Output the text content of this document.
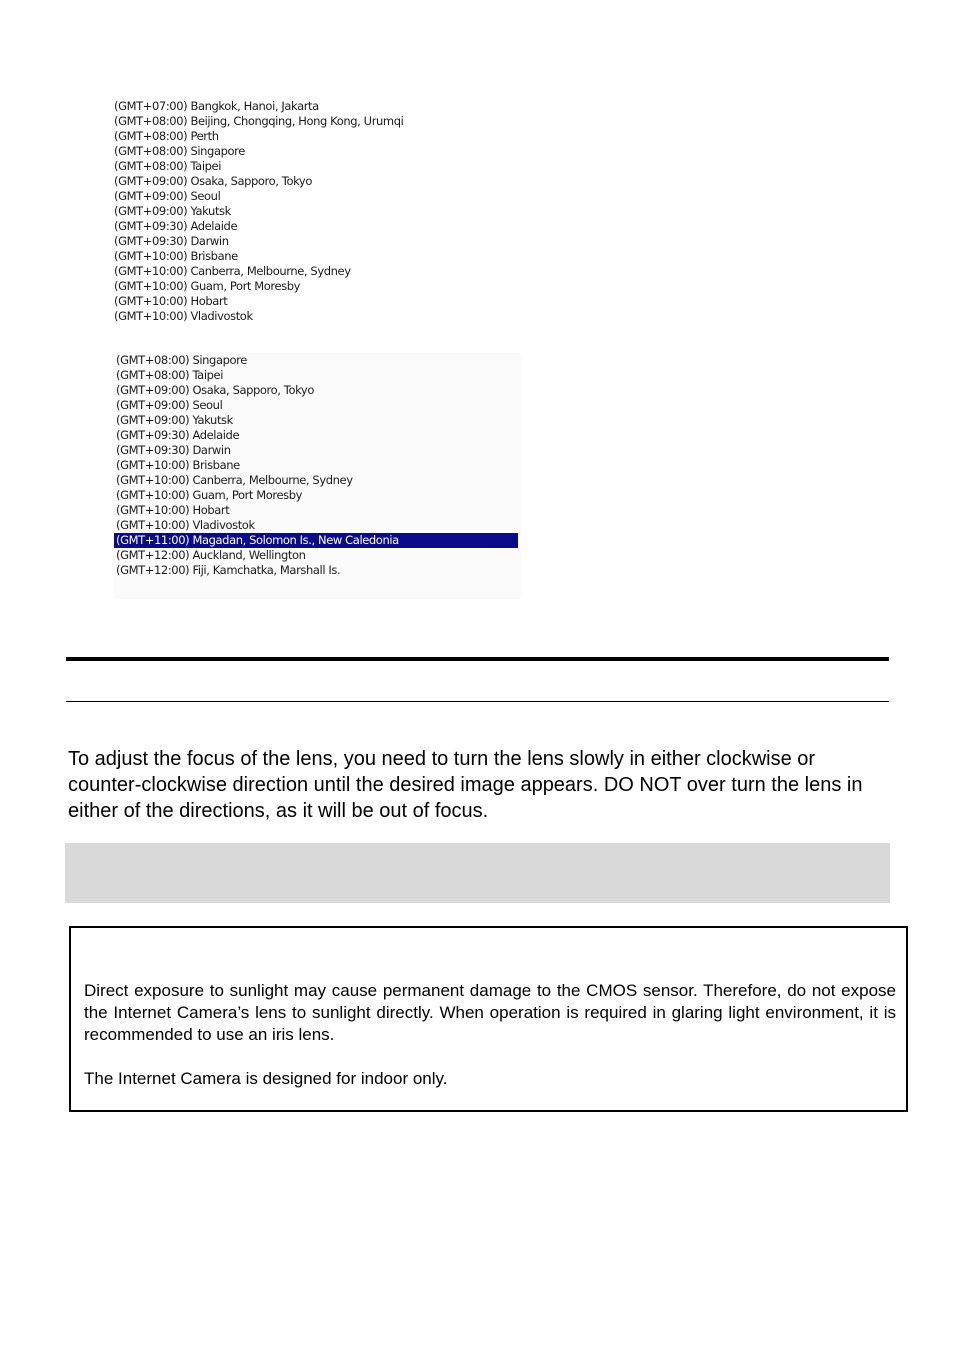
(GMT+07:00) Bangkok, Hanoi, Jakarta
(GMT+08:00) Beijing, Chongqing, Hong Kong, Urumqi
(GMT+08:00) Perth
(GMT+08:00) Singapore
(GMT+08:00) Taipei
(GMT+09:00) Osaka, Sapporo, Tokyo
(GMT+09:00) Seoul
(GMT+09:00) Yakutsk
(GMT+09:30) Adelaide
(GMT+09:30) Darwin
(GMT+10:00) Brisbane
(GMT+10:00) Canberra, Melbourne, Sydney
(GMT+10:00) Guam, Port Moresby
(GMT+10:00) Hobart
(GMT+10:00) Vladivostok
(GMT+08:00) Singapore
(GMT+08:00) Taipei
(GMT+09:00) Osaka, Sapporo, Tokyo
(GMT+09:00) Seoul
(GMT+09:00) Yakutsk
(GMT+09:30) Adelaide
(GMT+09:30) Darwin
(GMT+10:00) Brisbane
(GMT+10:00) Canberra, Melbourne, Sydney
(GMT+10:00) Guam, Port Moresby
(GMT+10:00) Hobart
(GMT+10:00) Vladivostok
(GMT+11:00) Magadan, Solomon Is., New Caledonia
(GMT+12:00) Auckland, Wellington
(GMT+12:00) Fiji, Kamchatka, Marshall Is.

To adjust the focus of the lens, you need to turn the lens slowly in either clockwise or counter-clockwise direction until the desired image appears. DO NOT over turn the lens in either of the directions, as it will be out of focus.

Direct exposure to sunlight may cause permanent damage to the CMOS sensor. Therefore, do not expose the Internet Camera’s lens to sunlight directly. When operation is required in glaring light environment, it is recommended to use an iris lens.

The Internet Camera is designed for indoor only.
